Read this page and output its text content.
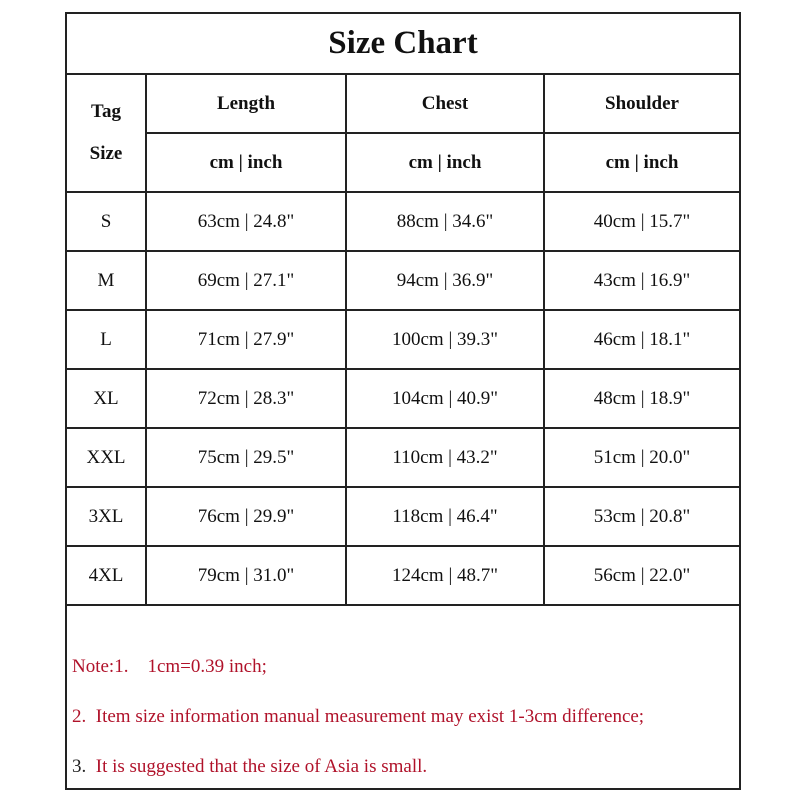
Size Chart
Tag
Size	Length	Chest	Shoulder
	cm | inch	cm | inch	cm | inch
S	63cm | 24.8"	88cm | 34.6"	40cm | 15.7"
M	69cm | 27.1"	94cm | 36.9"	43cm | 16.9"
L	71cm | 27.9"	100cm | 39.3"	46cm | 18.1"
XL	72cm | 28.3"	104cm | 40.9"	48cm | 18.9"
XXL	75cm | 29.5"	110cm | 43.2"	51cm | 20.0"
3XL	76cm | 29.9"	118cm | 46.4"	53cm | 20.8"
4XL	79cm | 31.0"	124cm | 48.7"	56cm | 22.0"
Note:1.    1cm=0.39 inch;
2.  Item size information manual measurement may exist 1-3cm difference;
3.  It is suggested that the size of Asia is small.
